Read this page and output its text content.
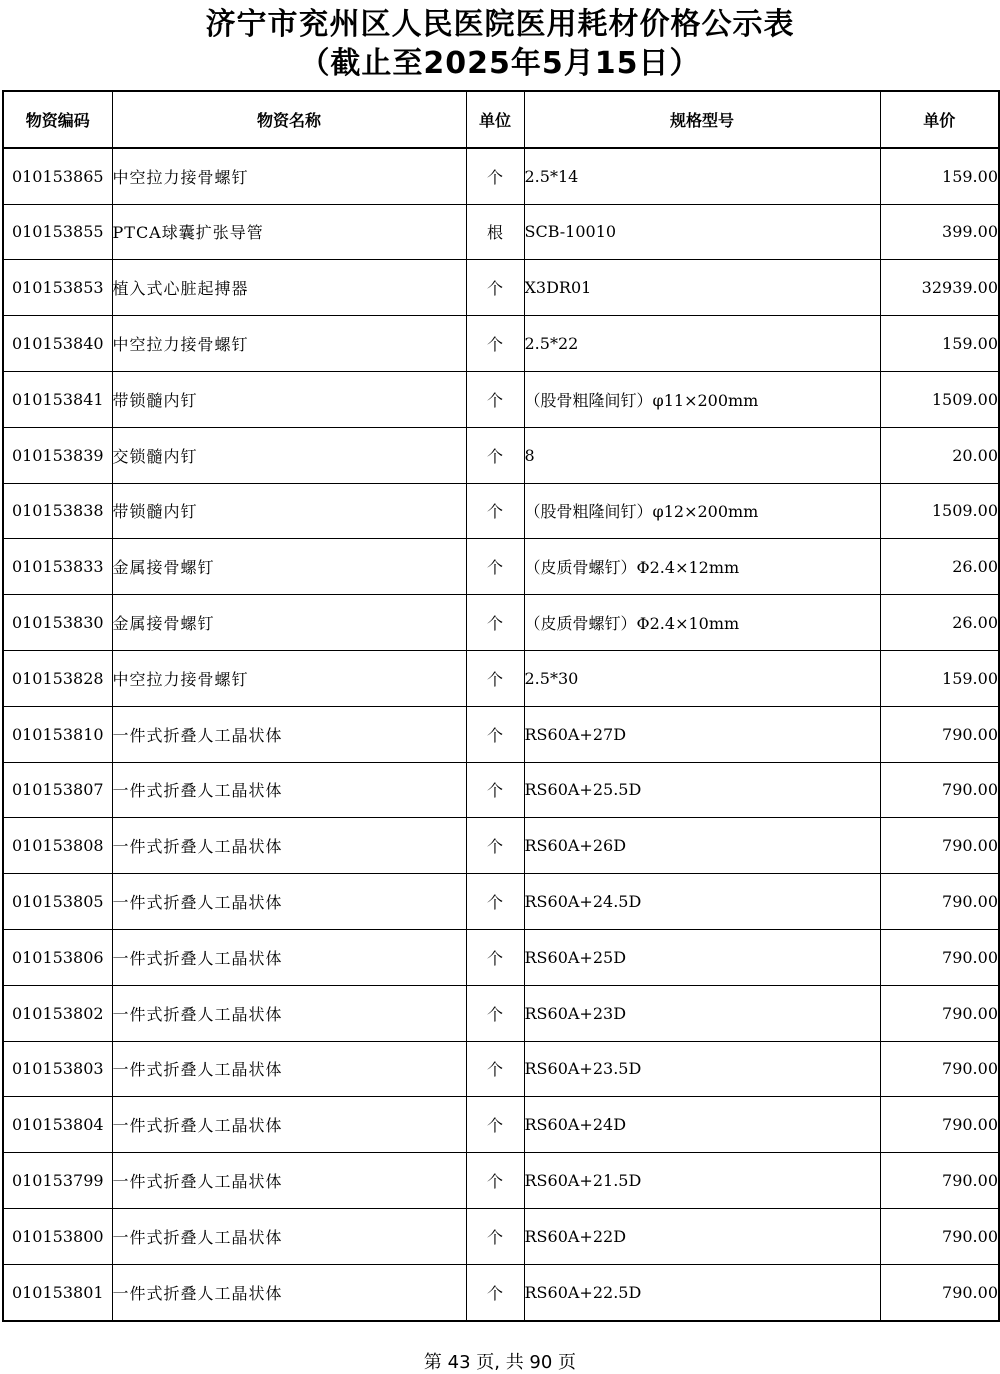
济宁市兖州区人民医院医用耗材价格公示表
（截止至2025年5月15日）
物资编码	物资名称	单位	规格型号	单价
010153865	中空拉力接骨螺钉	个	2.5*14	159.00
010153855	PTCA球囊扩张导管	根	SCB-10010	399.00
010153853	植入式心脏起搏器	个	X3DR01	32939.00
010153840	中空拉力接骨螺钉	个	2.5*22	159.00
010153841	带锁髓内钉	个	（股骨粗隆间钉）φ11×200mm	1509.00
010153839	交锁髓内钉	个	8	20.00
010153838	带锁髓内钉	个	（股骨粗隆间钉）φ12×200mm	1509.00
010153833	金属接骨螺钉	个	（皮质骨螺钉）Φ2.4×12mm	26.00
010153830	金属接骨螺钉	个	（皮质骨螺钉）Φ2.4×10mm	26.00
010153828	中空拉力接骨螺钉	个	2.5*30	159.00
010153810	一件式折叠人工晶状体	个	RS60A+27D	790.00
010153807	一件式折叠人工晶状体	个	RS60A+25.5D	790.00
010153808	一件式折叠人工晶状体	个	RS60A+26D	790.00
010153805	一件式折叠人工晶状体	个	RS60A+24.5D	790.00
010153806	一件式折叠人工晶状体	个	RS60A+25D	790.00
010153802	一件式折叠人工晶状体	个	RS60A+23D	790.00
010153803	一件式折叠人工晶状体	个	RS60A+23.5D	790.00
010153804	一件式折叠人工晶状体	个	RS60A+24D	790.00
010153799	一件式折叠人工晶状体	个	RS60A+21.5D	790.00
010153800	一件式折叠人工晶状体	个	RS60A+22D	790.00
010153801	一件式折叠人工晶状体	个	RS60A+22.5D	790.00
第 43 页, 共 90 页
